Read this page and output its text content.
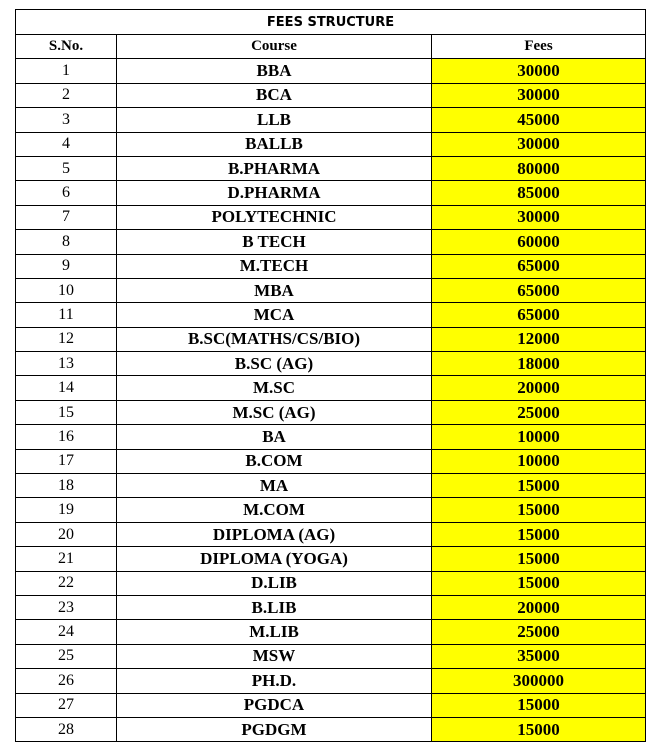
FEES STRUCTURE		
S.No.	Course	Fees
1	BBA	30000
2	BCA	30000
3	LLB	45000
4	BALLB	30000
5	B.PHARMA	80000
6	D.PHARMA	85000
7	POLYTECHNIC	30000
8	B TECH	60000
9	M.TECH	65000
10	MBA	65000
11	MCA	65000
12	B.SC(MATHS/CS/BIO)	12000
13	B.SC (AG)	18000
14	M.SC	20000
15	M.SC (AG)	25000
16	BA	10000
17	B.COM	10000
18	MA	15000
19	M.COM	15000
20	DIPLOMA (AG)	15000
21	DIPLOMA (YOGA)	15000
22	D.LIB	15000
23	B.LIB	20000
24	M.LIB	25000
25	MSW	35000
26	PH.D.	300000
27	PGDCA	15000
28	PGDGM	15000
